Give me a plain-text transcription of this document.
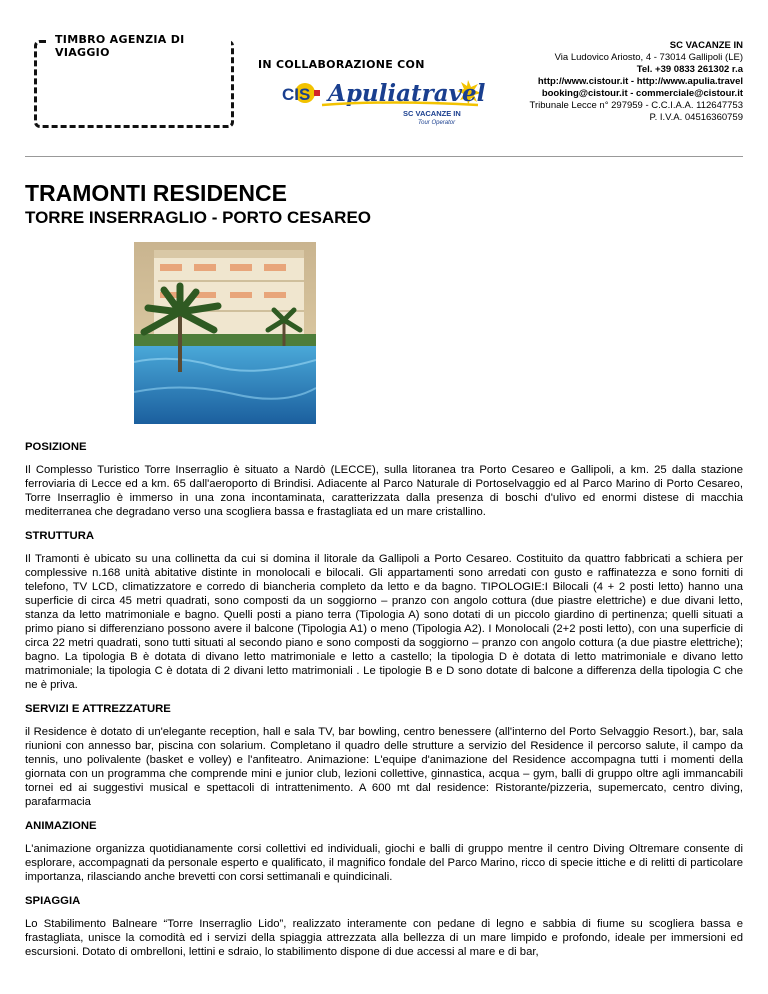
TIMBRO AGENZIA DI VIAGGIO
IN COLLABORAZIONE CON
CIS Apuliatravel
SC VACANZE IN
Tour Operator
SC VACANZE IN
Via Ludovico Ariosto, 4 - 73014 Gallipoli (LE)
Tel. +39 0833 261302 r.a
http://www.cistour.it - http://www.apulia.travel
booking@cistour.it - commerciale@cistour.it
Tribunale Lecce n° 297959 - C.C.I.A.A. 112647753
P. I.V.A. 04516360759
TRAMONTI RESIDENCE
TORRE INSERRAGLIO - PORTO CESAREO
POSIZIONE

Il Complesso Turistico Torre Inserraglio è situato a Nardò (LECCE), sulla litoranea tra Porto Cesareo e Gallipoli, a km. 25 dalla stazione ferroviaria di Lecce ed a km. 65 dall'aeroporto di Brindisi. Adiacente al Parco Naturale di Portoselvaggio ed al Parco Marino di Porto Cesareo, Torre Inserraglio è immerso in una zona incontaminata, caratterizzata dalla presenza di boschi d'ulivo ed enormi distese di macchia mediterranea che degradano verso una scogliera bassa e frastagliata ed un mare cristallino.

STRUTTURA

Il Tramonti è ubicato su una collinetta da cui si domina il litorale da Gallipoli a Porto Cesareo. Costituito da quattro fabbricati a schiera per complessive n.168 unità abitative distinte in monolocali e bilocali. Gli appartamenti sono arredati con gusto e raffinatezza e sono forniti di telefono, TV LCD, climatizzatore e corredo di biancheria completo da letto e da bagno. TIPOLOGIE:I Bilocali (4 + 2 posti letto) hanno una superficie di circa 45 metri quadrati, sono composti da un soggiorno – pranzo con angolo cottura (due piastre elettriche) e due divani letto, stanza da letto matrimoniale e bagno. Quelli posti a piano terra (Tipologia A) sono dotati di un piccolo giardino di pertinenza; quelli situati a primo piano si differenziano possono avere il balcone (Tipologia A1) o meno (Tipologia A2). I Monolocali (2+2 posti letto), con una superficie di circa 22 metri quadrati, sono tutti situati al secondo piano e sono composti da soggiorno – pranzo con angolo cottura (a due piastre elettriche); bagno. La tipologia B è dotata di divano letto matrimoniale e letto a castello; la tipologia D è dotata di letto matrimoniale e divano letto matrimoniale; la tipologia C è dotata di 2 divani letto matrimoniali . Le tipologie B e D sono dotate di balcone a differenza della tipologia C che ne è priva.

SERVIZI E ATTREZZATURE

il Residence è dotato di un'elegante reception, hall e sala TV, bar bowling, centro benessere (all'interno del Porto Selvaggio Resort.), bar, sala riunioni con annesso bar, piscina con solarium. Completano il quadro delle strutture a servizio del Residence il percorso salute, il campo da tennis, uno polivalente (basket e volley) e l'anfiteatro. Animazione: L'equipe d'animazione del Residence accompagna tutti i momenti della giornata con un programma che comprende mini e junior club, lezioni collettive, ginnastica, acqua – gym, balli di gruppo oltre agli immancabili tornei ed ai suggestivi musical e spettacoli di intrattenimento. A 600 mt dal residence: Ristorante/pizzeria, supemercato, centro diving, parafarmacia

ANIMAZIONE

L'animazione organizza quotidianamente corsi collettivi ed individuali, giochi e balli di gruppo mentre il centro Diving Oltremare consente di esplorare, accompagnati da personale esperto e qualificato, il magnifico fondale del Parco Marino, ricco di specie ittiche e di relitti di particolare importanza, rilasciando anche brevetti con corsi settimanali e quindicinali.

SPIAGGIA

Lo Stabilimento Balneare “Torre Inserraglio Lido”, realizzato interamente con pedane di legno e sabbia di fiume su scogliera bassa e frastagliata, unisce la comodità ed i servizi della spiaggia attrezzata alla bellezza di un mare limpido e profondo, ideale per immersioni ed escursioni. Dotato di ombrelloni, lettini e sdraio, lo stabilimento dispone di due accessi al mare e di bar,
